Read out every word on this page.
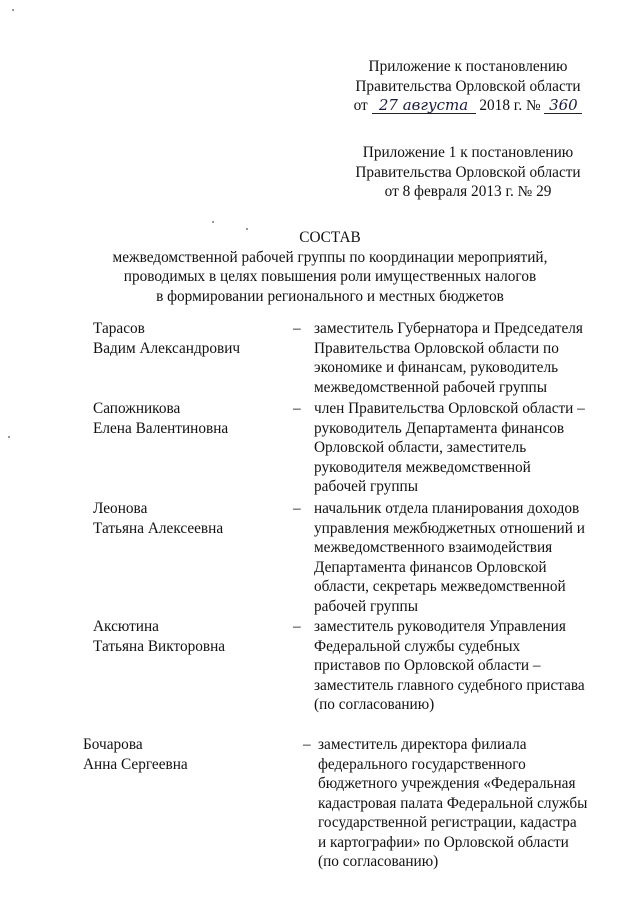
Приложение к постановлению
Правительства Орловской области
от
27 августа
2018 г. №
360
Приложение 1 к постановлению
Правительства Орловской области
от 8 февраля 2013 г. № 29
СОСТАВ
межведомственной рабочей группы по координации мероприятий,
проводимых в целях повышения роли имущественных налогов
в формировании регионального и местных бюджетов
Тарасов
Вадим Александрович
– заместитель Губернатора и Председателя
Правительства Орловской области по
экономике и финансам, руководитель
межведомственной рабочей группы
Сапожникова
Елена Валентиновна
– член Правительства Орловской области –
руководитель Департамента финансов
Орловской области, заместитель
руководителя межведомственной
рабочей группы
Леонова
Татьяна Алексеевна
– начальник отдела планирования доходов
управления межбюджетных отношений и
межведомственного взаимодействия
Департамента финансов Орловской
области, секретарь межведомственной
рабочей группы
Аксютина
Татьяна Викторовна
– заместитель руководителя Управления
Федеральной службы судебных
приставов по Орловской области –
заместитель главного судебного пристава
(по согласованию)
Бочарова
Анна Сергеевна
– заместитель директора филиала
федерального государственного
бюджетного учреждения «Федеральная
кадастровая палата Федеральной службы
государственной регистрации, кадастра
и картографии» по Орловской области
(по согласованию)
